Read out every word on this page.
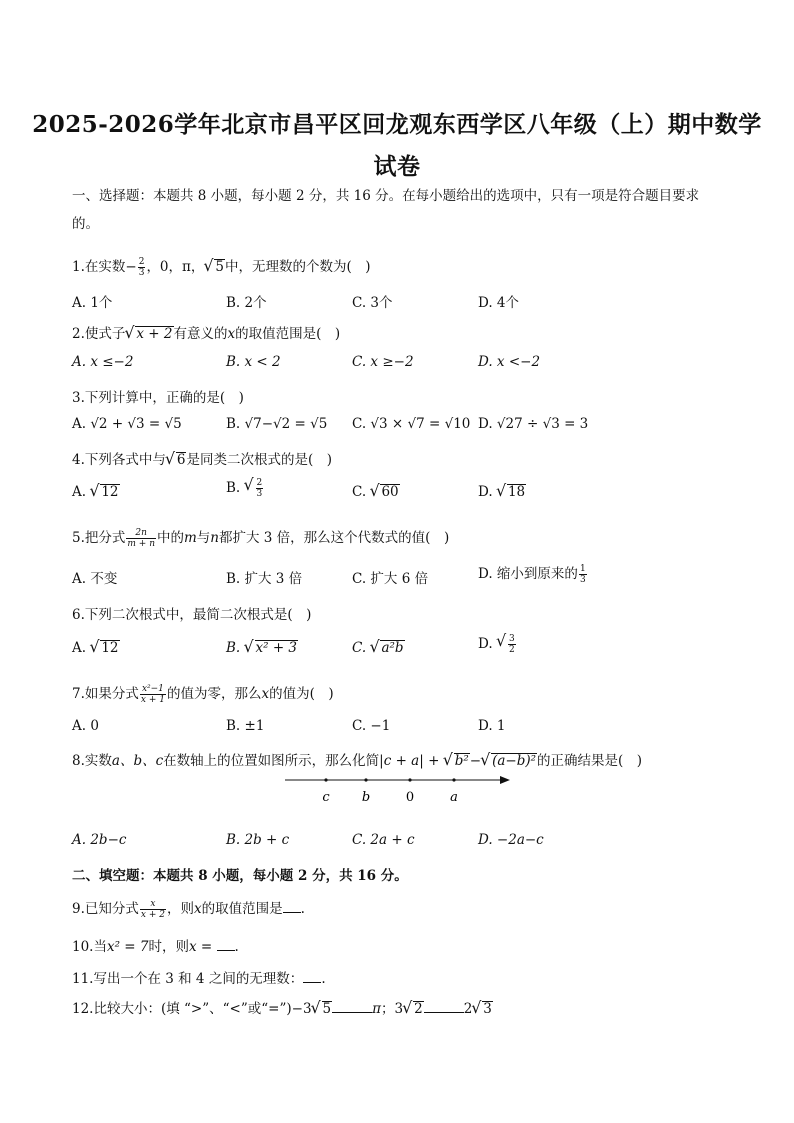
2025-2026学年北京市昌平区回龙观东西学区八年级（上）期中数学
试卷
一、选择题：本题共 8 小题，每小题 2 分，共 16 分。在每小题给出的选项中，只有一项是符合题目要求
的。
1.在实数− $\frac{2}{3}$ ，0，π， √ 5中，无理数的个数为(　)
A. 1个	B. 2个	C. 3个	D. 4个
2.使式子 √ x + 2有意义的x的取值范围是(　)
A. x ≤−2	B. x < 2	C. x ≥−2	D. x <−2
3.下列计算中，正确的是(　)
A. √2 + √3 = √5	B. √7−√2 = √5 C. √3 × √7 = √10 D. √27 ÷ √3 = 3
4.下列各式中与 √ 6是同类二次根式的是(　)
A. √ 12	B. √ $\frac{2}{3}$	C. √ 60	D. √ 18
5.把分式 $\frac{2n}{m + n}$ 中的m与n都扩大 3 倍，那么这个代数式的值(　)
A. 不变	B. 扩大 3 倍	C. 扩大 6 倍	D. 缩小到原来的 $\frac{1}{3}$
6.下列二次根式中，最简二次根式是(　)
A. √ 12	B. √ x² + 3	C. √ a²b	D. √ $\frac{3}{2}$
7.如果分式 $\frac{\text{x²−1}}{x + 1}$ 的值为零，那么x的值为(　)
A. 0	B. ±1	C. −1	D. 1
8.实数a、b、c在数轴上的位置如图所示，那么化简|c + a| + √ b²− √ (a−b)²的正确结果是(　)
c b	0	a
A. 2b−c	B. 2b + c	C. 2a + c	D. −2a−c
二、填空题：本题共 8 小题，每小题 2 分，共 16 分。
9.已知分式 $\frac{x}{x + 2}$ ，则x的取值范围是 .
10.当x² = 7时，则x = .
11.写出一个在 3 和 4 之间的无理数： .
12.比较大小：(填 “>”、“<”或“=”)−3 √ 5	π；3 √ 2	2 √ 3
